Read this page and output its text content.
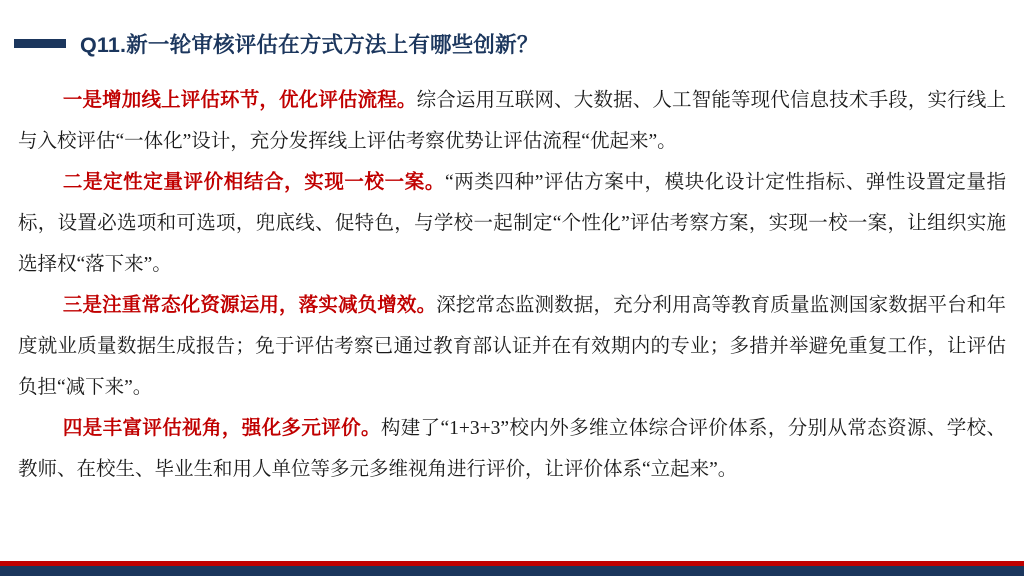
Q11.新一轮审核评估在方式方法上有哪些创新？

一是增加线上评估环节，优化评估流程。综合运用互联网、大数据、人工智能等现代信息技术手段，实行线上与入校评估“一体化”设计，充分发挥线上评估考察优势让评估流程“优起来”。

二是定性定量评价相结合，实现一校一案。“两类四种”评估方案中，模块化设计定性指标、弹性设置定量指标，设置必选项和可选项，兜底线、促特色，与学校一起制定“个性化”评估考察方案，实现一校一案，让组织实施选择权“落下来”。

三是注重常态化资源运用，落实减负增效。深挖常态监测数据，充分利用高等教育质量监测国家数据平台和年度就业质量数据生成报告；免于评估考察已通过教育部认证并在有效期内的专业；多措并举避免重复工作，让评估负担“减下来”。

四是丰富评估视角，强化多元评价。构建了“1+3+3”校内外多维立体综合评价体系，分别从常态资源、学校、教师、在校生、毕业生和用人单位等多元多维视角进行评价，让评价体系“立起来”。
